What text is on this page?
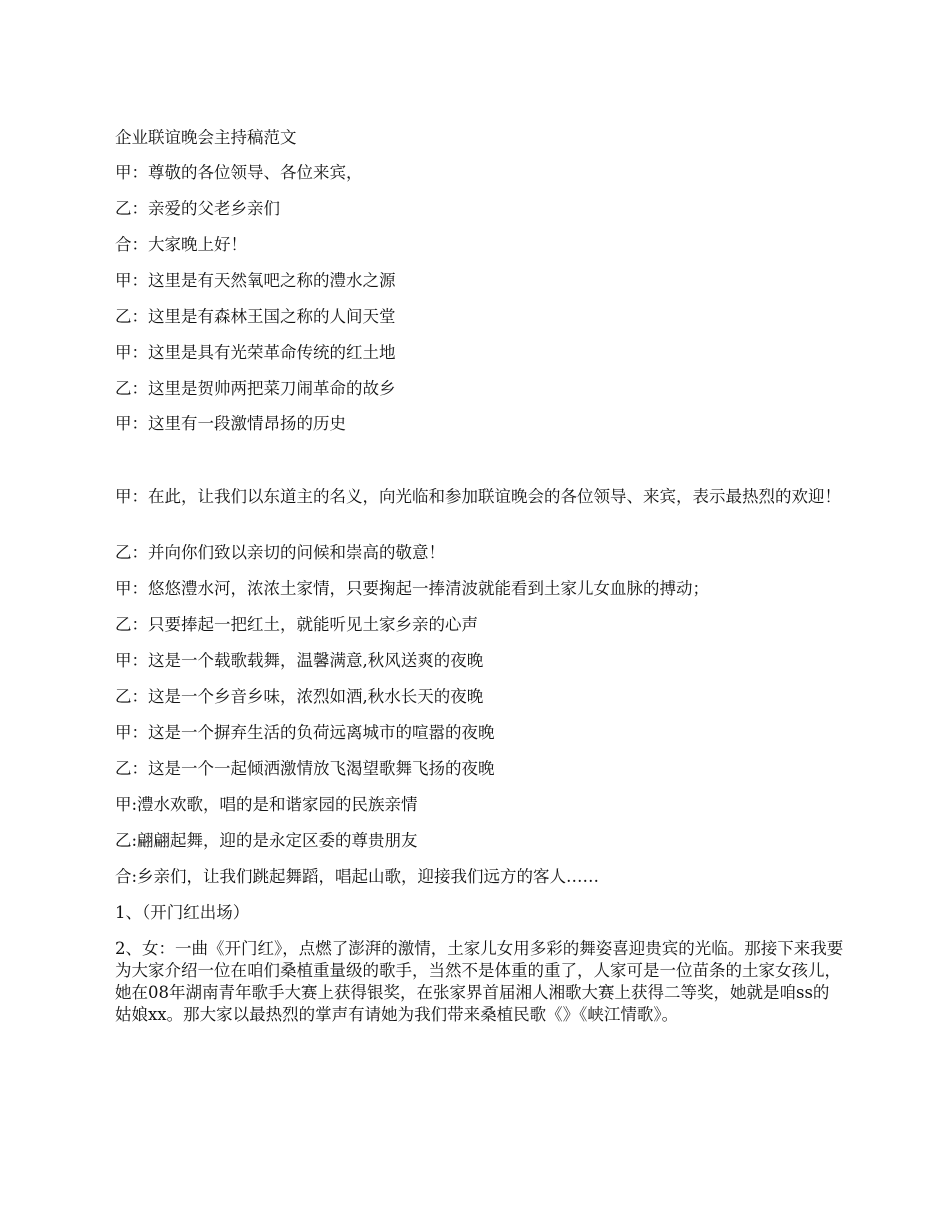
企业联谊晚会主持稿范文
甲：尊敬的各位领导、各位来宾，
乙：亲爱的父老乡亲们
合：大家晚上好！
甲：这里是有天然氧吧之称的澧水之源
乙：这里是有森林王国之称的人间天堂
甲：这里是具有光荣革命传统的红土地
乙：这里是贺帅两把菜刀闹革命的故乡
甲：这里有一段激情昂扬的历史
甲：在此，让我们以东道主的名义，向光临和参加联谊晚会的各位领导、来宾，表示最热烈的欢迎！
乙：并向你们致以亲切的问候和崇高的敬意！
甲：悠悠澧水河，浓浓土家情，只要掬起一捧清波就能看到土家儿女血脉的搏动；
乙：只要捧起一把红土，就能听见土家乡亲的心声
甲：这是一个载歌载舞，温馨满意,秋风送爽的夜晚
乙：这是一个乡音乡味，浓烈如酒,秋水长天的夜晚
甲：这是一个摒弃生活的负荷远离城市的喧嚣的夜晚
乙：这是一个一起倾洒激情放飞渴望歌舞飞扬的夜晚
甲:澧水欢歌，唱的是和谐家园的民族亲情
乙:翩翩起舞，迎的是永定区委的尊贵朋友
合:乡亲们，让我们跳起舞蹈，唱起山歌，迎接我们远方的客人……
1、（开门红出场）
2、女：一曲《开门红》，点燃了澎湃的激情，土家儿女用多彩的舞姿喜迎贵宾的光临。那接下来我要为大家介绍一位在咱们桑植重量级的歌手，当然不是体重的重了，人家可是一位苗条的土家女孩儿，她在08年湖南青年歌手大赛上获得银奖，在张家界首届湘人湘歌大赛上获得二等奖，她就是咱ss的姑娘xx。那大家以最热烈的掌声有请她为我们带来桑植民歌《》《峡江情歌》。
